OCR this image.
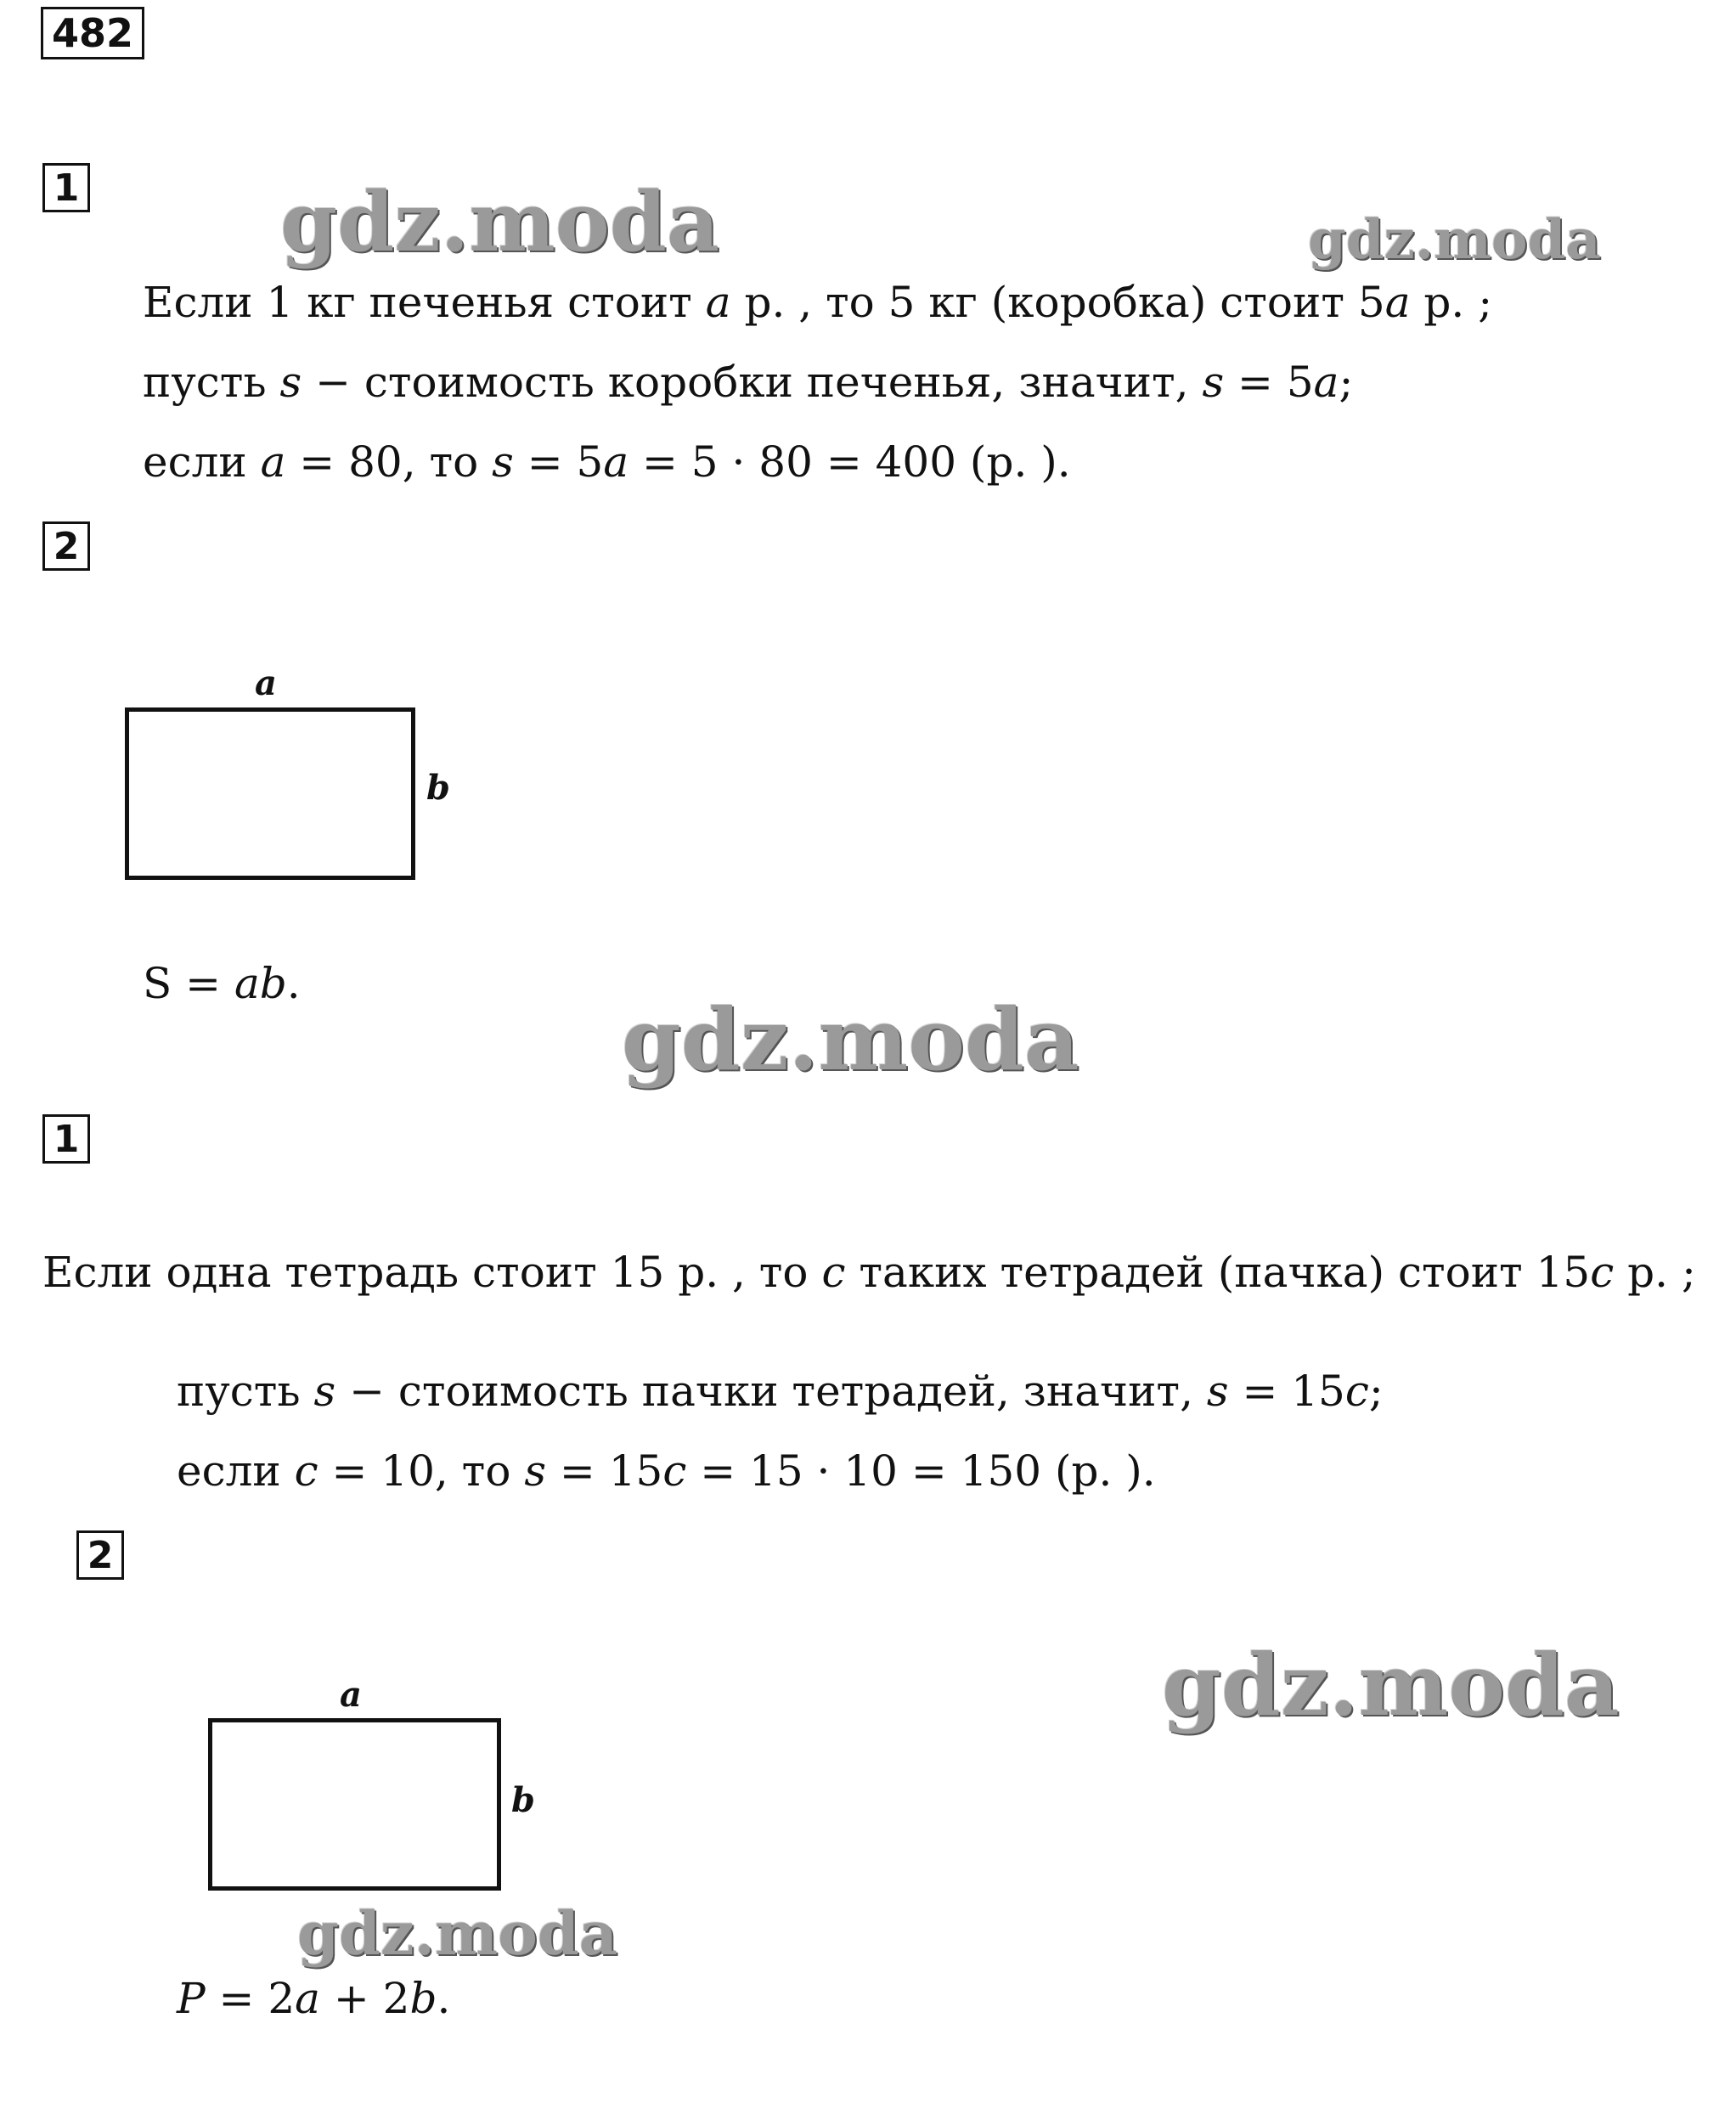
482
gdz.moda	gdz.moda
gdz.moda
gdz.moda
gdz.moda
1
Если 1 кг печенья стоит a р. , то 5 кг (коробка) стоит 5a р. ;
пусть s − стоимость коробки печенья, значит, s = 5a;
если a = 80, то s = 5a = 5 · 80 = 400 (р. ).
2
a
b
S = ab.
1
Если одна тетрадь стоит 15 р. , то c таких тетрадей (пачка) стоит 15c р. ;
пусть s − стоимость пачки тетрадей, значит, s = 15c;
если c = 10, то s = 15c = 15 · 10 = 150 (р. ).
2
a
b
P = 2a + 2b.
